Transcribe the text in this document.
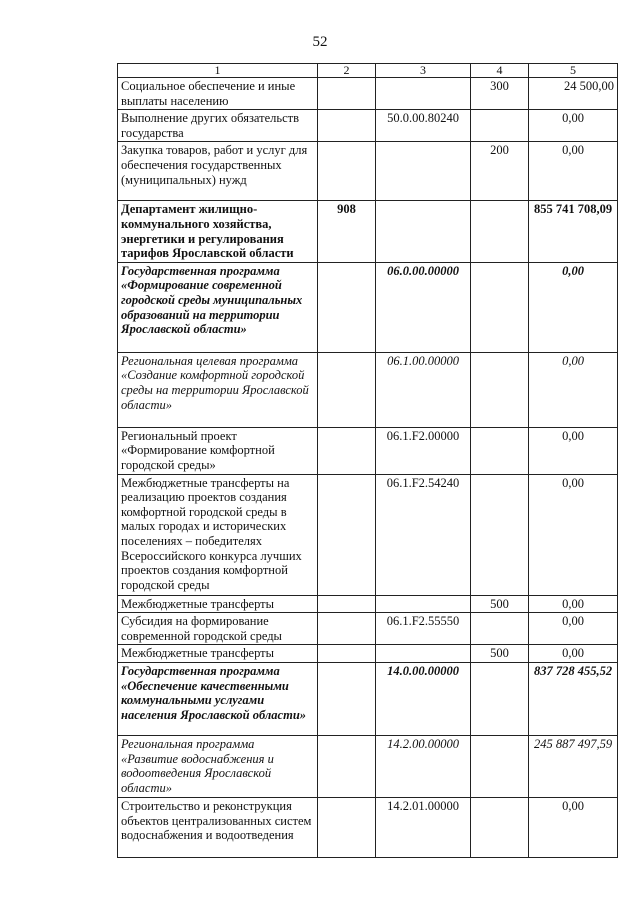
52
1	2	3	4	5
Социальное обеспечение и иные выплаты населению			300	24 500,00
Выполнение других обязательств государства		50.0.00.80240		0,00
Закупка товаров, работ и услуг для обеспечения государственных (муниципальных) нужд			200	0,00
Департамент жилищно-коммунального хозяйства, энергетики и регулирования тарифов Ярославской области	908			855 741 708,09
Государственная программа «Формирование современной городской среды муниципальных образований на территории Ярославской области»		06.0.00.00000		0,00
Региональная целевая программа «Создание комфортной городской среды на территории Ярославской области»		06.1.00.00000		0,00
Региональный проект «Формирование комфортной городской среды»		06.1.F2.00000		0,00
Межбюджетные трансферты на реализацию проектов создания комфортной городской среды в малых городах и исторических поселениях – победителях Всероссийского конкурса лучших проектов создания комфортной городской среды		06.1.F2.54240		0,00
Межбюджетные трансферты			500	0,00
Субсидия на формирование современной городской среды		06.1.F2.55550		0,00
Межбюджетные трансферты			500	0,00
Государственная программа «Обеспечение качественными коммунальными услугами населения Ярославской области»		14.0.00.00000		837 728 455,52
Региональная программа «Развитие водоснабжения и водоотведения Ярославской области»		14.2.00.00000		245 887 497,59
Строительство и реконструкция объектов централизованных систем водоснабжения и водоотведения		14.2.01.00000		0,00
